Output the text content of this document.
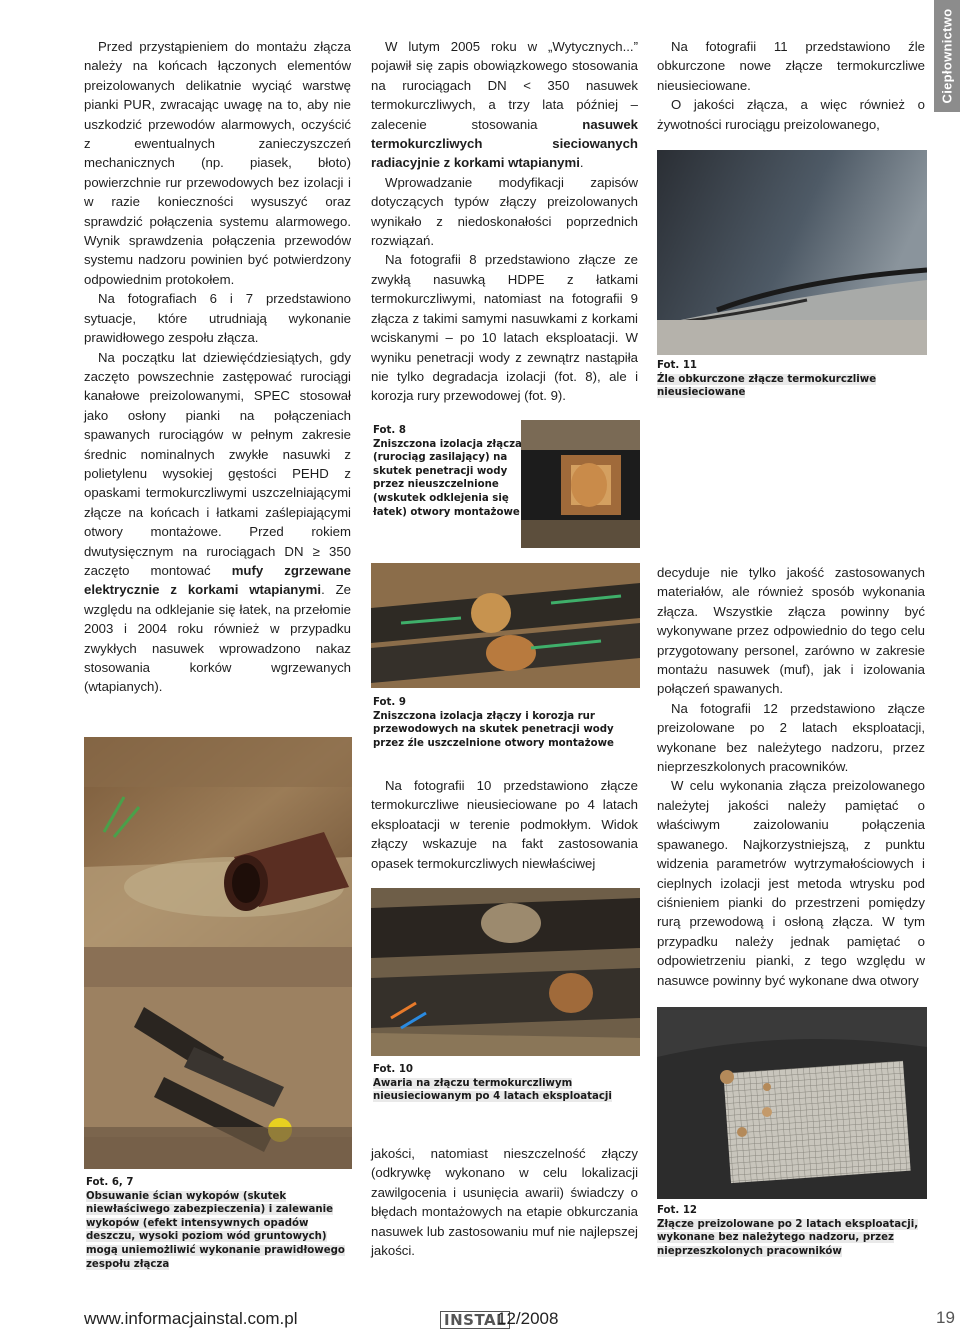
Ciepłownictwo

Przed przystąpieniem do montażu złącza należy na końcach łączonych elementów preizolowanych delikatnie wyciąć warstwę pianki PUR, zwracając uwagę na to, aby nie uszkodzić przewodów alarmowych, oczyścić z ewentualnych zanieczyszczeń mechanicznych (np. piasek, błoto) powierzchnie rur przewodowych bez izolacji i w razie konieczności wysuszyć oraz sprawdzić połączenia systemu alarmowego. Wynik sprawdzenia połączenia przewodów systemu nadzoru powinien być potwierdzony odpowiednim protokołem.

Na fotografiach 6 i 7 przedstawiono sytuacje, które utrudniają wykonanie prawidłowego zespołu złącza.

Na początku lat dziewięćdziesiątych, gdy zaczęto powszechnie zastępować rurociągi kanałowe preizolowanymi, SPEC stosował jako osłony pianki na połączeniach spawanych rurociągów w pełnym zakresie średnic nominalnych zwykłe nasuwki z polietylenu wysokiej gęstości PEHD z opaskami termokurczliwymi uszczelniającymi złącze na końcach i łatkami zaślepiającymi otwory montażowe. Przed rokiem dwutysięcznym na rurociągach DN ≥ 350 zaczęto montować mufy zgrzewane elektrycznie z korkami wtapianymi. Ze względu na odklejanie się łatek, na przełomie 2003 i 2004 roku również w przypadku zwykłych nasuwek wprowadzono nakaz stosowania korków wgrzewanych (wtapianych).

Fot. 6, 7
Obsuwanie ścian wykopów (skutek niewłaściwego zabezpieczenia) i zalewanie wykopów (efekt intensywnych opadów deszczu, wysoki poziom wód gruntowych) mogą uniemożliwić wykonanie prawidłowego zespołu złącza

W lutym 2005 roku w „Wytycznych...” pojawił się zapis obowiązkowego stosowania na rurociągach DN < 350 nasuwek termokurczliwych, a trzy lata później – zalecenie stosowania nasuwek termokurczliwych sieciowanych radiacyjnie z korkami wtapianymi.

Wprowadzanie modyfikacji zapisów dotyczących typów złączy preizolowanych wynikało z niedoskonałości poprzednich rozwiązań.

Na fotografii 8 przedstawiono złącze ze zwykłą nasuwką HDPE z łatkami termokurczliwymi, natomiast na fotografii 9 złącza z takimi samymi nasuwkami z korkami wciskanymi – po 10 latach eksploatacji. W wyniku penetracji wody z zewnątrz nastąpiła nie tylko degradacja izolacji (fot. 8), ale i korozja rury przewodowej (fot. 9).

Fot. 8
Zniszczona izolacja złącza (rurociąg zasilający) na skutek penetracji wody przez nieuszczelnione (wskutek odklejenia się łatek) otwory montażowe
Fot. 9
Zniszczona izolacja złączy i korozja rur przewodowych na skutek penetracji wody przez źle uszczelnione otwory montażowe

Na fotografii 10 przedstawiono złącze termokurczliwe nieusieciowane po 4 latach eksploatacji w terenie podmokłym. Widok złączy wskazuje na fakt zastosowania opasek termokurczliwych niewłaściwej

Fot. 10
Awaria na złączu termokurczliwym nieusieciowanym po 4 latach eksploatacji

jakości, natomiast nieszczelność złączy (odkrywkę wykonano w celu lokalizacji zawilgocenia i usunięcia awarii) świadczy o błędach montażowych na etapie obkurczania nasuwek lub zastosowaniu muf nie najlepszej jakości.

Na fotografii 11 przedstawiono źle obkurczone nowe złącze termokurczliwe nieusieciowane.

O jakości złącza, a więc również o żywotności rurociągu preizolowanego,

Fot. 11
Źle obkurczone złącze termokurczliwe nieusieciowane

decyduje nie tylko jakość zastosowanych materiałów, ale również sposób wykonania złącza. Wszystkie złącza powinny być wykonywane przez odpowiednio do tego celu przygotowany personel, zarówno w zakresie montażu nasuwek (muf), jak i izolowania połączeń spawanych.

Na fotografii 12 przedstawiono złącze preizolowane po 2 latach eksploatacji, wykonane bez należytego nadzoru, przez nieprzeszkolonych pracowników.

W celu wykonania złącza preizolowanego należytej jakości należy pamiętać o właściwym zaizolowaniu połączenia spawanego. Najkorzystniejszą, z punktu widzenia parametrów wytrzymałościowych i cieplnych izolacji jest metoda wtrysku pod ciśnieniem pianki do przestrzeni pomiędzy rurą przewodową i osłoną złącza. W tym przypadku należy jednak pamiętać o odpowietrzeniu pianki, z tego względu w nasuwce powinny być wykonane dwa otwory

Fot. 12
Złącze preizolowane po 2 latach eksploatacji, wykonane bez należytego nadzoru, przez nieprzeszkolonych pracowników
www.informacjainstal.com.pl	INSTAL
12/2008	19
